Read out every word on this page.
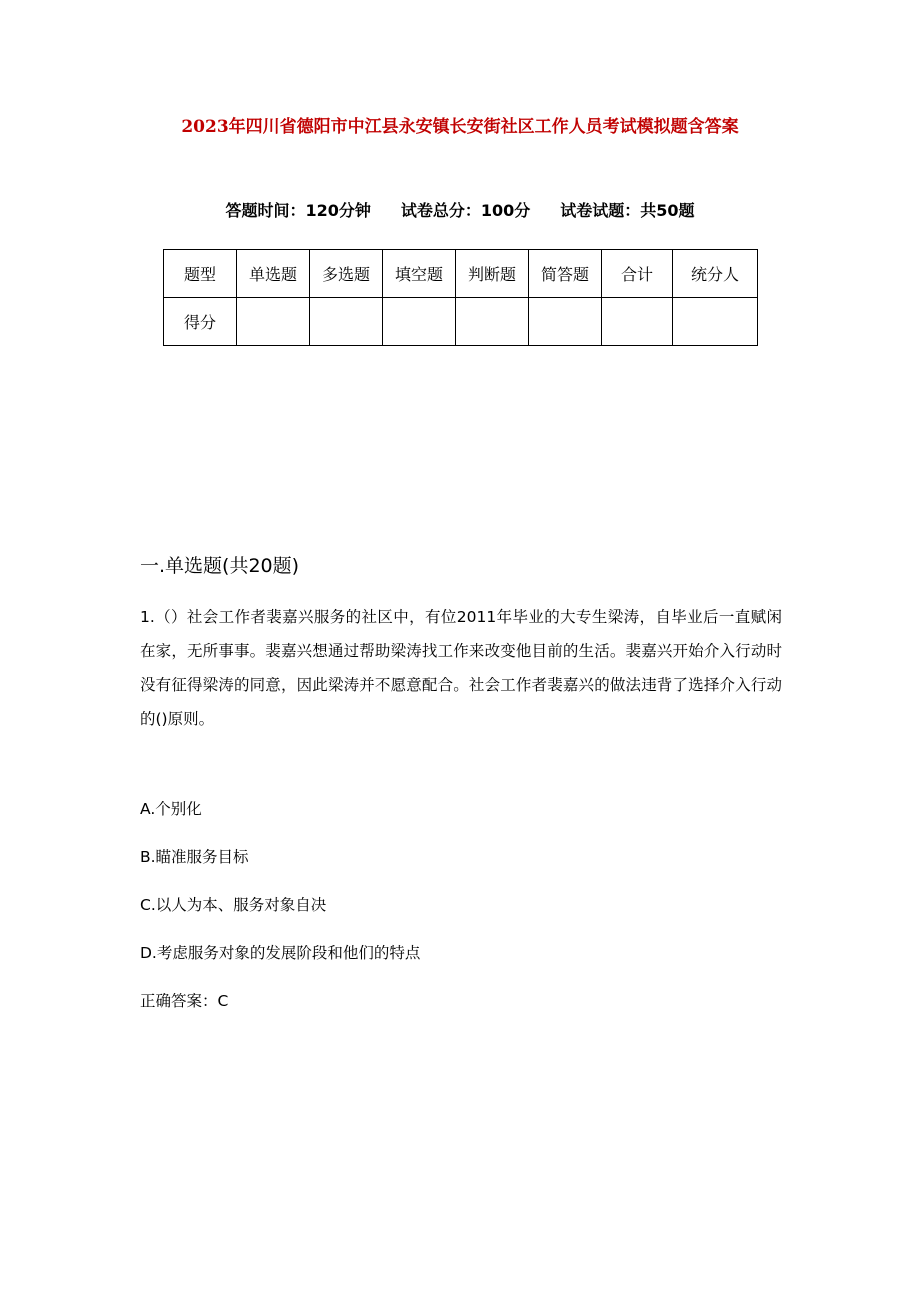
2023年四川省德阳市中江县永安镇长安街社区工作人员考试模拟题含答案
答题时间：120分钟 试卷总分：100分 试卷试题：共50题
题型	单选题	多选题	填空题	判断题	简答题	合计	统分人
得分							
一.单选题(共20题)
1.（）社会工作者裴嘉兴服务的社区中，有位2011年毕业的大专生梁涛，自毕业后一直赋闲在家，无所事事。裴嘉兴想通过帮助梁涛找工作来改变他目前的生活。裴嘉兴开始介入行动时没有征得梁涛的同意，因此梁涛并不愿意配合。社会工作者裴嘉兴的做法违背了选择介入行动的()原则。
A.个别化
B.瞄准服务目标
C.以人为本、服务对象自决
D.考虑服务对象的发展阶段和他们的特点
正确答案：C
